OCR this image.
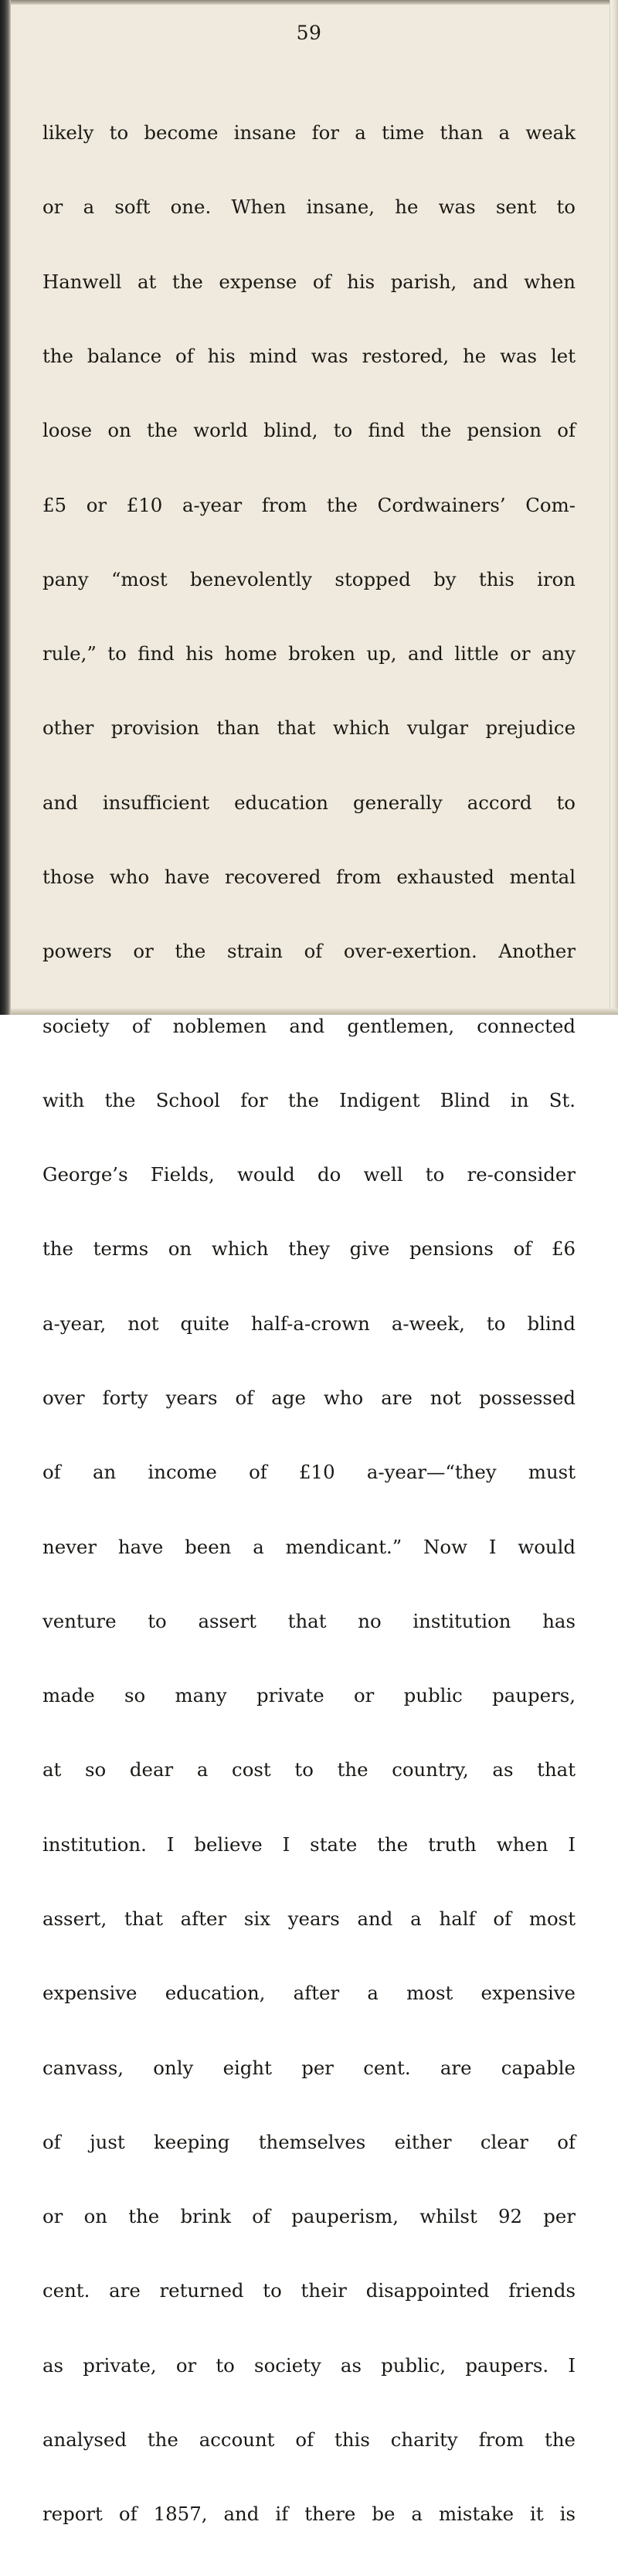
59

likely to become insane for a time than a weak

or a soft one. When insane, he was sent to

Hanwell at the expense of his parish, and when

the balance of his mind was restored, he was let

loose on the world blind, to find the pension of

£5 or £10 a-year from the Cordwainers’ Com-

pany “most benevolently stopped by this iron

rule,” to find his home broken up, and little or any

other provision than that which vulgar prejudice

and insufficient education generally accord to

those who have recovered from exhausted mental

powers or the strain of over-exertion. Another

society of noblemen and gentlemen, connected

with the School for the Indigent Blind in St.

George’s Fields, would do well to re-consider

the terms on which they give pensions of £6

a-year, not quite half-a-crown a-week, to blind

over forty years of age who are not possessed

of an income of £10 a-year—“they must

never have been a mendicant.” Now I would

venture to assert that no institution has

made so many private or public paupers,

at so dear a cost to the country, as that

institution. I believe I state the truth when I

assert, that after six years and a half of most

expensive education, after a most expensive

canvass, only eight per cent. are capable

of just keeping themselves either clear of

or on the brink of pauperism, whilst 92 per

cent. are returned to their disappointed friends

as private, or to society as public, paupers. I

analysed the account of this charity from the

report of 1857, and if there be a mistake it is
